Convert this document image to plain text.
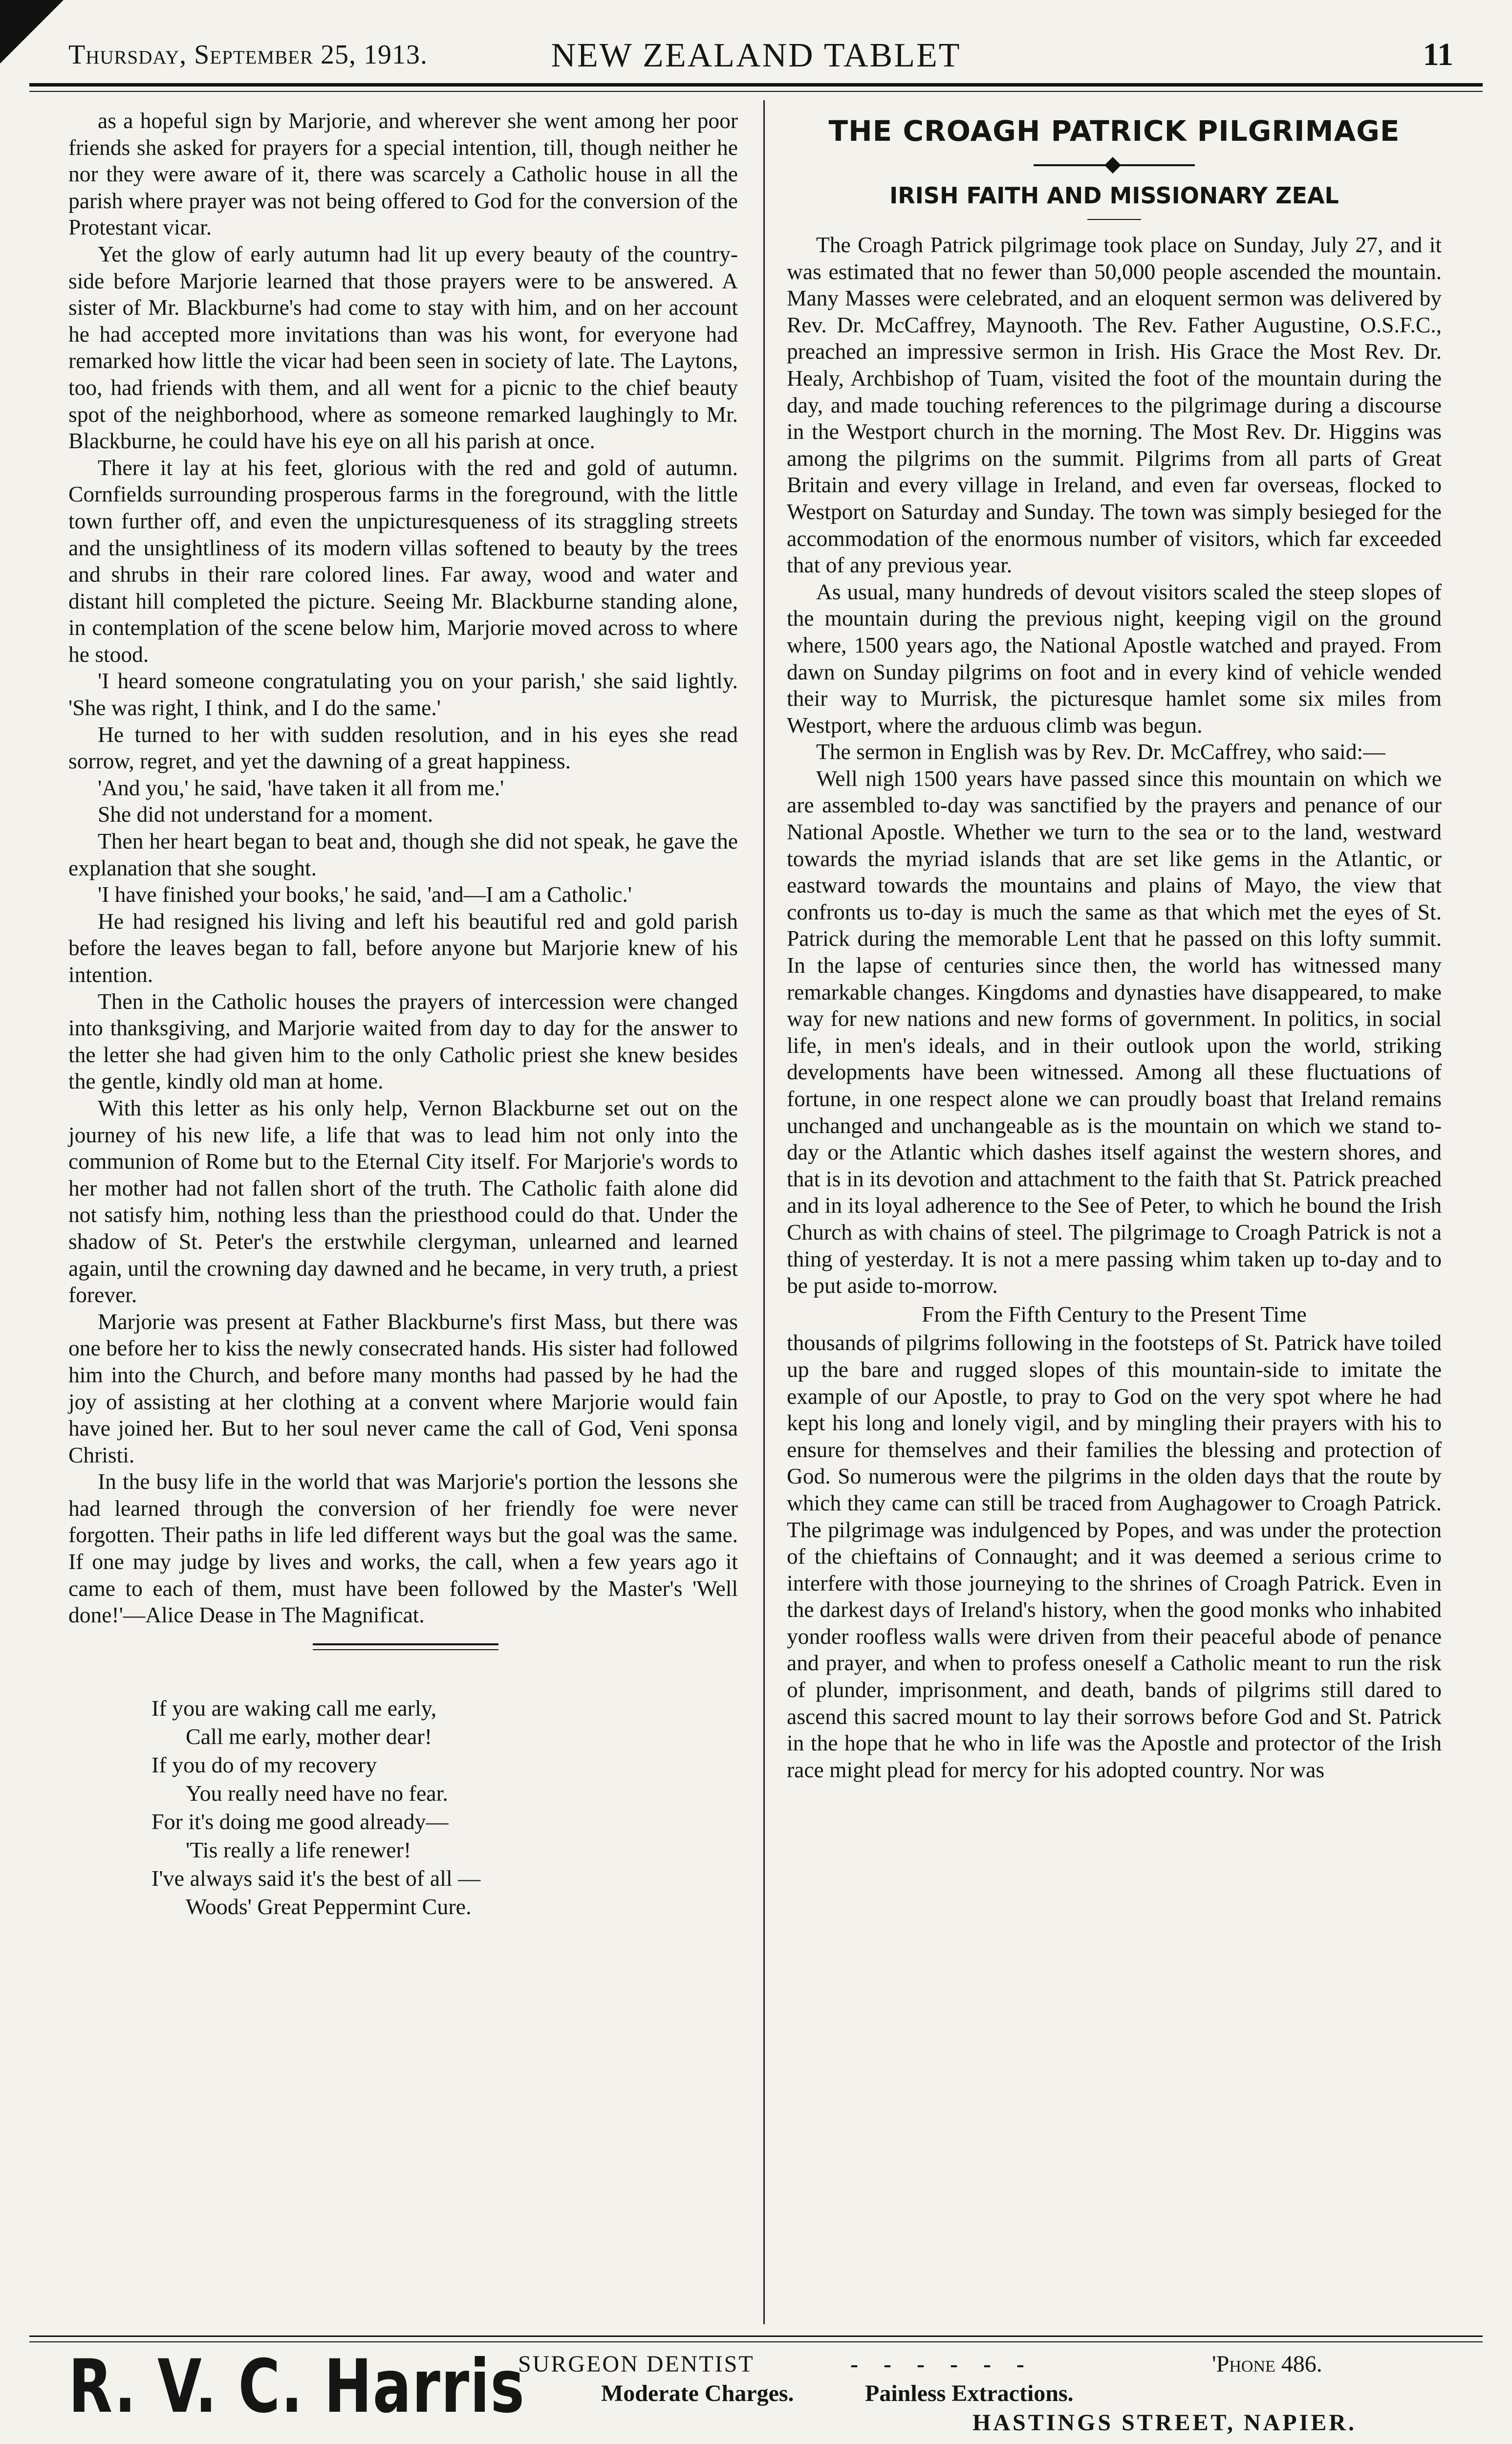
Thursday, September 25, 1913.	NEW ZEALAND TABLET	11

as a hopeful sign by Marjorie, and wherever she went among her poor friends she asked for prayers for a special intention, till, though neither he nor they were aware of it, there was scarcely a Catholic house in all the parish where prayer was not being offered to God for the conversion of the Protestant vicar.

Yet the glow of early autumn had lit up every beauty of the country-side before Marjorie learned that those prayers were to be answered. A sister of Mr. Blackburne's had come to stay with him, and on her account he had accepted more invitations than was his wont, for everyone had remarked how little the vicar had been seen in society of late. The Laytons, too, had friends with them, and all went for a picnic to the chief beauty spot of the neighborhood, where as someone remarked laughingly to Mr. Blackburne, he could have his eye on all his parish at once.

There it lay at his feet, glorious with the red and gold of autumn. Cornfields surrounding prosperous farms in the foreground, with the little town further off, and even the unpicturesqueness of its straggling streets and the unsightliness of its modern villas softened to beauty by the trees and shrubs in their rare colored lines. Far away, wood and water and distant hill completed the picture. Seeing Mr. Blackburne standing alone, in contemplation of the scene below him, Marjorie moved across to where he stood.

'I heard someone congratulating you on your parish,' she said lightly. 'She was right, I think, and I do the same.'

He turned to her with sudden resolution, and in his eyes she read sorrow, regret, and yet the dawning of a great happiness.

'And you,' he said, 'have taken it all from me.'

She did not understand for a moment.

Then her heart began to beat and, though she did not speak, he gave the explanation that she sought.

'I have finished your books,' he said, 'and—I am a Catholic.'

He had resigned his living and left his beautiful red and gold parish before the leaves began to fall, before anyone but Marjorie knew of his intention.

Then in the Catholic houses the prayers of intercession were changed into thanksgiving, and Marjorie waited from day to day for the answer to the letter she had given him to the only Catholic priest she knew besides the gentle, kindly old man at home.

With this letter as his only help, Vernon Blackburne set out on the journey of his new life, a life that was to lead him not only into the communion of Rome but to the Eternal City itself. For Marjorie's words to her mother had not fallen short of the truth. The Catholic faith alone did not satisfy him, nothing less than the priesthood could do that. Under the shadow of St. Peter's the erstwhile clergyman, unlearned and learned again, until the crowning day dawned and he became, in very truth, a priest forever.

Marjorie was present at Father Blackburne's first Mass, but there was one before her to kiss the newly consecrated hands. His sister had followed him into the Church, and before many months had passed by he had the joy of assisting at her clothing at a convent where Marjorie would fain have joined her. But to her soul never came the call of God, Veni sponsa Christi.

In the busy life in the world that was Marjorie's portion the lessons she had learned through the conversion of her friendly foe were never forgotten. Their paths in life led different ways but the goal was the same. If one may judge by lives and works, the call, when a few years ago it came to each of them, must have been followed by the Master's 'Well done!'—Alice Dease in The Magnificat.

If you are waking call me early,
Call me early, mother dear!
If you do of my recovery
You really need have no fear.
For it's doing me good already—
'Tis really a life renewer!
I've always said it's the best of all —
Woods' Great Peppermint Cure.
THE CROAGH PATRICK PILGRIMAGE
IRISH FAITH AND MISSIONARY ZEAL

The Croagh Patrick pilgrimage took place on Sunday, July 27, and it was estimated that no fewer than 50,000 people ascended the mountain. Many Masses were celebrated, and an eloquent sermon was delivered by Rev. Dr. McCaffrey, Maynooth. The Rev. Father Augustine, O.S.F.C., preached an impressive sermon in Irish. His Grace the Most Rev. Dr. Healy, Archbishop of Tuam, visited the foot of the mountain during the day, and made touching references to the pilgrimage during a discourse in the Westport church in the morning. The Most Rev. Dr. Higgins was among the pilgrims on the summit. Pilgrims from all parts of Great Britain and every village in Ireland, and even far overseas, flocked to Westport on Saturday and Sunday. The town was simply besieged for the accommodation of the enormous number of visitors, which far exceeded that of any previous year.

As usual, many hundreds of devout visitors scaled the steep slopes of the mountain during the previous night, keeping vigil on the ground where, 1500 years ago, the National Apostle watched and prayed. From dawn on Sunday pilgrims on foot and in every kind of vehicle wended their way to Murrisk, the picturesque hamlet some six miles from Westport, where the arduous climb was begun.

The sermon in English was by Rev. Dr. McCaffrey, who said:—

Well nigh 1500 years have passed since this mountain on which we are assembled to-day was sanctified by the prayers and penance of our National Apostle. Whether we turn to the sea or to the land, westward towards the myriad islands that are set like gems in the Atlantic, or eastward towards the mountains and plains of Mayo, the view that confronts us to-day is much the same as that which met the eyes of St. Patrick during the memorable Lent that he passed on this lofty summit. In the lapse of centuries since then, the world has witnessed many remarkable changes. Kingdoms and dynasties have disappeared, to make way for new nations and new forms of government. In politics, in social life, in men's ideals, and in their outlook upon the world, striking developments have been witnessed. Among all these fluctuations of fortune, in one respect alone we can proudly boast that Ireland remains unchanged and unchangeable as is the mountain on which we stand to-day or the Atlantic which dashes itself against the western shores, and that is in its devotion and attachment to the faith that St. Patrick preached and in its loyal adherence to the See of Peter, to which he bound the Irish Church as with chains of steel. The pilgrimage to Croagh Patrick is not a thing of yesterday. It is not a mere passing whim taken up to-day and to be put aside to-morrow.

From the Fifth Century to the Present Time

thousands of pilgrims following in the footsteps of St. Patrick have toiled up the bare and rugged slopes of this mountain-side to imitate the example of our Apostle, to pray to God on the very spot where he had kept his long and lonely vigil, and by mingling their prayers with his to ensure for themselves and their families the blessing and protection of God. So numerous were the pilgrims in the olden days that the route by which they came can still be traced from Aughagower to Croagh Patrick. The pilgrimage was indulgenced by Popes, and was under the protection of the chieftains of Connaught; and it was deemed a serious crime to interfere with those journeying to the shrines of Croagh Patrick. Even in the darkest days of Ireland's history, when the good monks who inhabited yonder roofless walls were driven from their peaceful abode of penance and prayer, and when to profess oneself a Catholic meant to run the risk of plunder, imprisonment, and death, bands of pilgrims still dared to ascend this sacred mount to lay their sorrows before God and St. Patrick in the hope that he who in life was the Apostle and protector of the Irish race might plead for mercy for his adopted country. Nor was

R. V. C. Harris
SURGEON DENTIST	- - - - - -	'Phone 486.
Moderate Charges.	Painless Extractions.
HASTINGS STREET, NAPIER.
